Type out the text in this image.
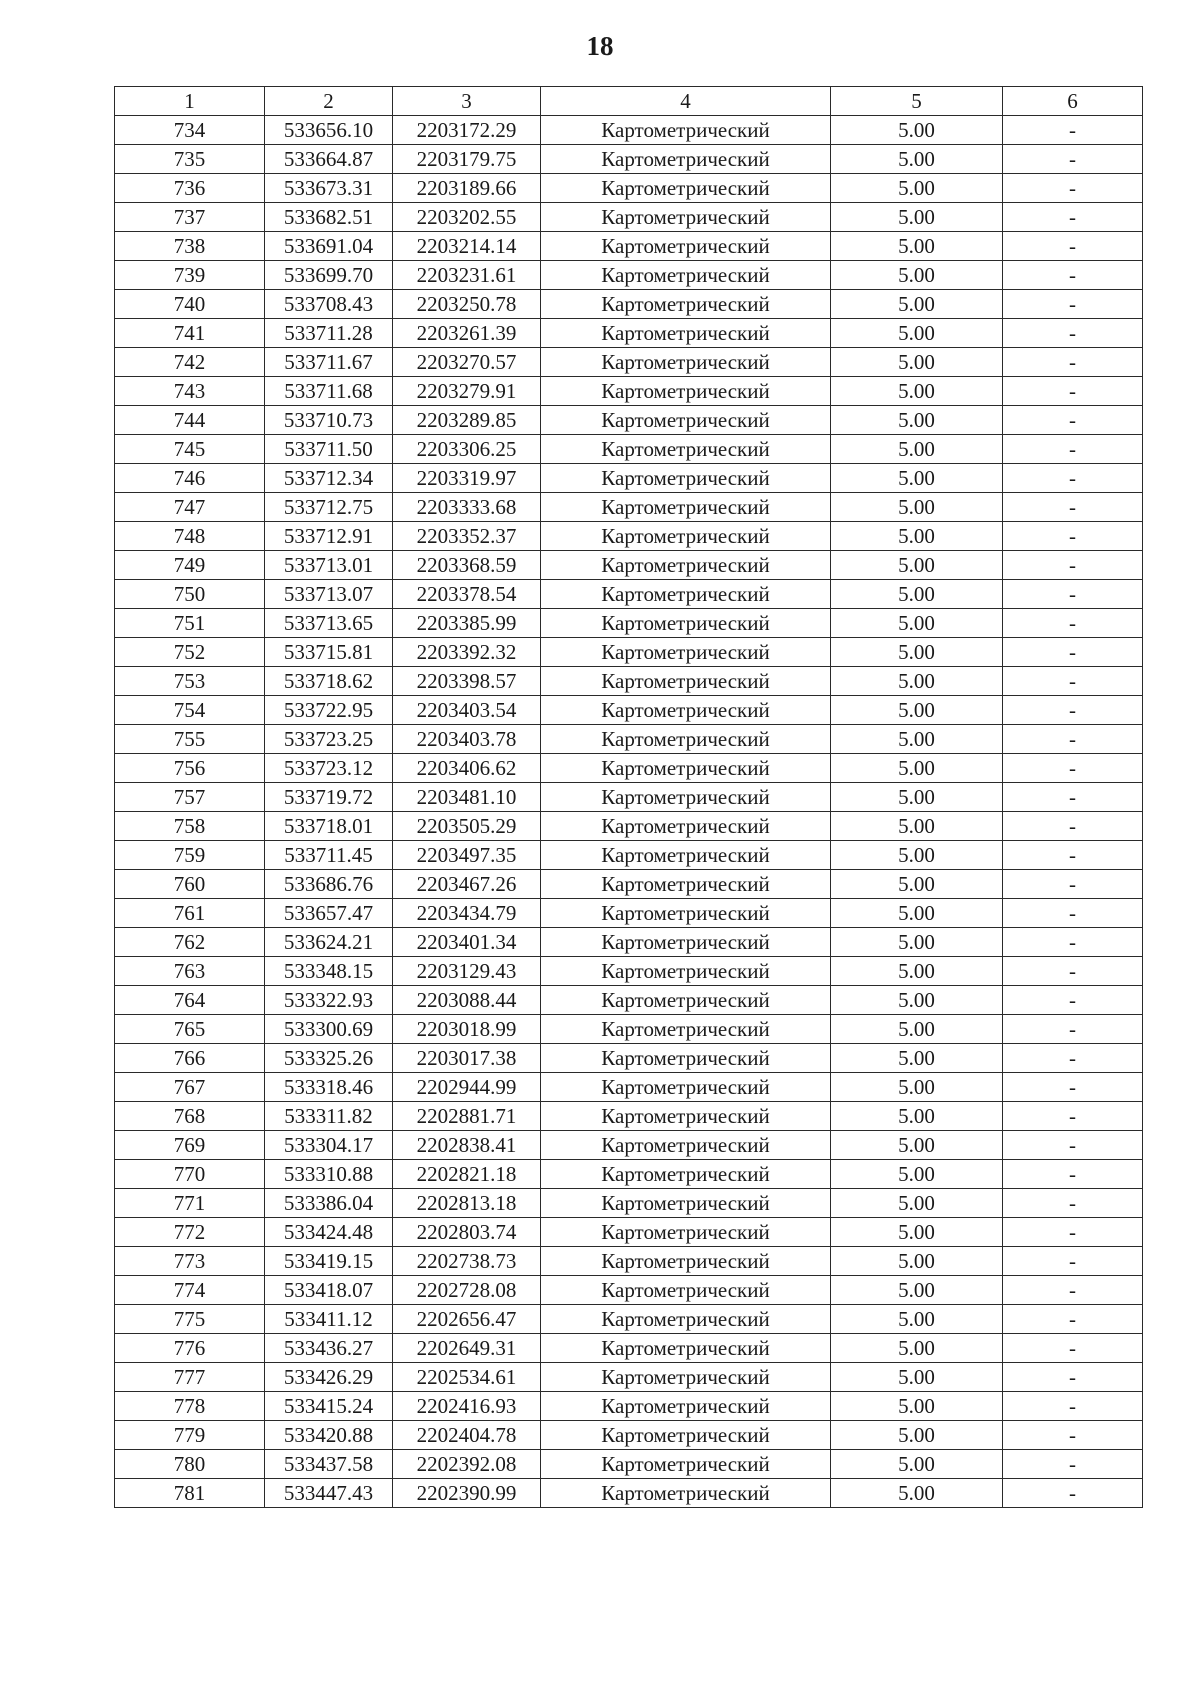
18
1	2	3	4	5	6
734	533656.10	2203172.29	Картометрический	5.00	-
735	533664.87	2203179.75	Картометрический	5.00	-
736	533673.31	2203189.66	Картометрический	5.00	-
737	533682.51	2203202.55	Картометрический	5.00	-
738	533691.04	2203214.14	Картометрический	5.00	-
739	533699.70	2203231.61	Картометрический	5.00	-
740	533708.43	2203250.78	Картометрический	5.00	-
741	533711.28	2203261.39	Картометрический	5.00	-
742	533711.67	2203270.57	Картометрический	5.00	-
743	533711.68	2203279.91	Картометрический	5.00	-
744	533710.73	2203289.85	Картометрический	5.00	-
745	533711.50	2203306.25	Картометрический	5.00	-
746	533712.34	2203319.97	Картометрический	5.00	-
747	533712.75	2203333.68	Картометрический	5.00	-
748	533712.91	2203352.37	Картометрический	5.00	-
749	533713.01	2203368.59	Картометрический	5.00	-
750	533713.07	2203378.54	Картометрический	5.00	-
751	533713.65	2203385.99	Картометрический	5.00	-
752	533715.81	2203392.32	Картометрический	5.00	-
753	533718.62	2203398.57	Картометрический	5.00	-
754	533722.95	2203403.54	Картометрический	5.00	-
755	533723.25	2203403.78	Картометрический	5.00	-
756	533723.12	2203406.62	Картометрический	5.00	-
757	533719.72	2203481.10	Картометрический	5.00	-
758	533718.01	2203505.29	Картометрический	5.00	-
759	533711.45	2203497.35	Картометрический	5.00	-
760	533686.76	2203467.26	Картометрический	5.00	-
761	533657.47	2203434.79	Картометрический	5.00	-
762	533624.21	2203401.34	Картометрический	5.00	-
763	533348.15	2203129.43	Картометрический	5.00	-
764	533322.93	2203088.44	Картометрический	5.00	-
765	533300.69	2203018.99	Картометрический	5.00	-
766	533325.26	2203017.38	Картометрический	5.00	-
767	533318.46	2202944.99	Картометрический	5.00	-
768	533311.82	2202881.71	Картометрический	5.00	-
769	533304.17	2202838.41	Картометрический	5.00	-
770	533310.88	2202821.18	Картометрический	5.00	-
771	533386.04	2202813.18	Картометрический	5.00	-
772	533424.48	2202803.74	Картометрический	5.00	-
773	533419.15	2202738.73	Картометрический	5.00	-
774	533418.07	2202728.08	Картометрический	5.00	-
775	533411.12	2202656.47	Картометрический	5.00	-
776	533436.27	2202649.31	Картометрический	5.00	-
777	533426.29	2202534.61	Картометрический	5.00	-
778	533415.24	2202416.93	Картометрический	5.00	-
779	533420.88	2202404.78	Картометрический	5.00	-
780	533437.58	2202392.08	Картометрический	5.00	-
781	533447.43	2202390.99	Картометрический	5.00	-
